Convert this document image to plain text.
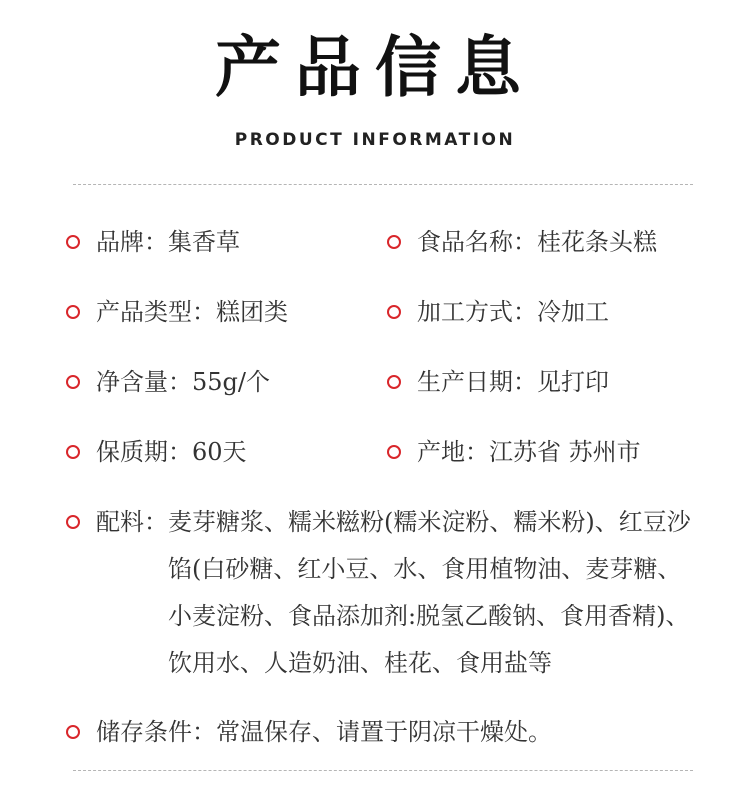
产品信息
PRODUCT INFORMATION
品牌： 集香草	食品名称： 桂花条头糕
产品类型： 糕团类	加工方式： 冷加工
净含量： 55g/个	生产日期： 见打印
保质期： 60天	产地： 江苏省 苏州市
配料： 麦芽糖浆、糯米糍粉(糯米淀粉、糯米粉)、红豆沙馅(白砂糖、红小豆、水、食用植物油、麦芽糖、小麦淀粉、食品添加剂:脱氢乙酸钠、食用香精)、饮用水、人造奶油、桂花、食用盐等
储存条件： 常温保存、请置于阴凉干燥处。
